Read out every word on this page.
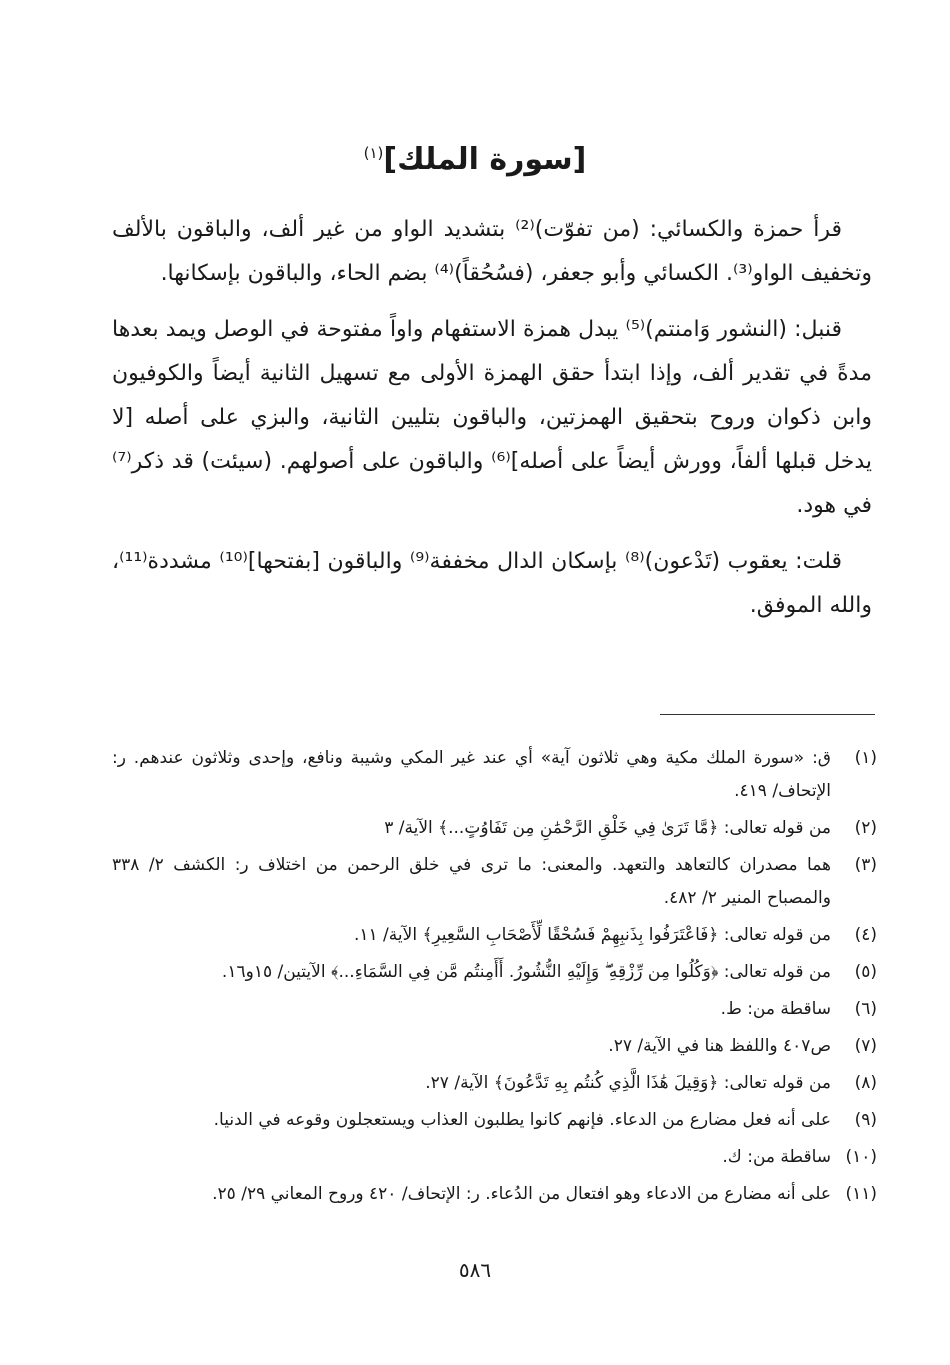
[سورة الملك]$^{(١)}$

قرأ حمزة والكسائي: (من تفوّت)⁽²⁾ بتشديد الواو من غير ألف، والباقون بالألف وتخفيف الواو⁽³⁾. الكسائي وأبو جعفر، (فسُحُقاً)⁽⁴⁾ بضم الحاء، والباقون بإسكانها.

قنبل: (النشور وَامنتم)⁽⁵⁾ يبدل همزة الاستفهام واواً مفتوحة في الوصل ويمد بعدها مدةً في تقدير ألف، وإذا ابتدأ حقق الهمزة الأولى مع تسهيل الثانية أيضاً والكوفيون وابن ذكوان وروح بتحقيق الهمزتين، والباقون بتليين الثانية، والبزي على أصله [لا يدخل قبلها ألفاً، وورش أيضاً على أصله]⁽⁶⁾ والباقون على أصولهم. (سيئت) قد ذكر⁽⁷⁾ في هود.

قلت: يعقوب (تَدْعون)⁽⁸⁾ بإسكان الدال مخففة⁽⁹⁾ والباقون [بفتحها]⁽¹⁰⁾ مشددة⁽¹¹⁾، والله الموفق.

(١)
ق: «سورة الملك مكية وهي ثلاثون آية» أي عند غير المكي وشيبة ونافع، وإحدى وثلاثون عندهم. ر: الإتحاف/ ٤١٩.
(٢)
من قوله تعالى: ﴿مَّا تَرَىٰ فِي خَلْقِ الرَّحْمَٰنِ مِن تَفَاوُتٍ...﴾ الآية/ ٣
(٣)
هما مصدران كالتعاهد والتعهد. والمعنى: ما ترى في خلق الرحمن من اختلاف ر: الكشف ٢/ ٣٣٨ والمصباح المنير ٢/ ٤٨٢.
(٤)
من قوله تعالى: ﴿فَاعْتَرَفُوا بِذَنبِهِمْ فَسُحْقًا لِّأَصْحَابِ السَّعِيرِ﴾ الآية/ ١١.
(٥)
من قوله تعالى: ﴿وَكُلُوا مِن رِّزْقِهِ ۖ وَإِلَيْهِ النُّشُورُ. أَأَمِنتُم مَّن فِي السَّمَاءِ...﴾ الآيتين/ ١٥و١٦.
(٦)
ساقطة من: ط.
(٧)
ص٤٠٧ واللفظ هنا في الآية/ ٢٧.
(٨)
من قوله تعالى: ﴿وَقِيلَ هَٰذَا الَّذِي كُنتُم بِهِ تَدَّعُونَ﴾ الآية/ ٢٧.
(٩)
على أنه فعل مضارع من الدعاء. فإنهم كانوا يطلبون العذاب ويستعجلون وقوعه في الدنيا.
(١٠)
ساقطة من: ك.
(١١)
على أنه مضارع من الادعاء وهو افتعال من الدُعاء. ر: الإتحاف/ ٤٢٠ وروح المعاني ٢٩/ ٢٥.
٥٨٦
